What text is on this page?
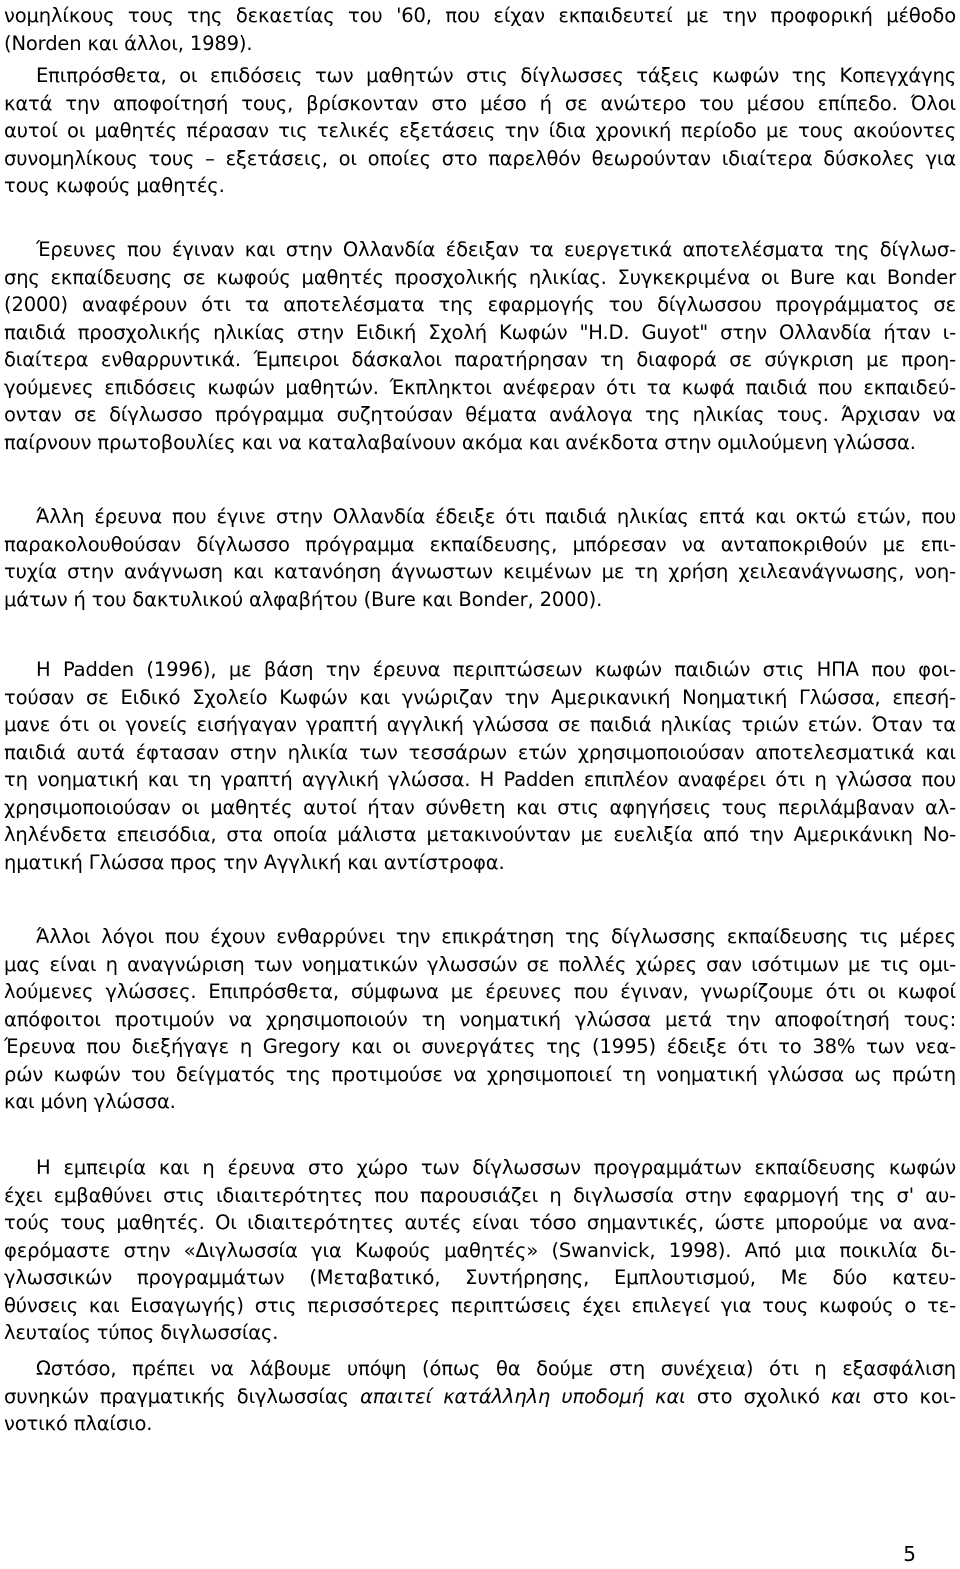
νομηλίκους τους της δεκαετίας του '60, που είχαν εκπαιδευτεί με την προφορική μέθοδο
(Norden και άλλοι, 1989).
Επιπρόσθετα, οι επιδόσεις των μαθητών στις δίγλωσσες τάξεις κωφών της Κοπεγχάγης
κατά την αποφοίτησή τους, βρίσκονταν στο μέσο ή σε ανώτερο του μέσου επίπεδο. Όλοι
αυτοί οι μαθητές πέρασαν τις τελικές εξετάσεις την ίδια χρονική περίοδο με τους ακούοντες
συνομηλίκους τους – εξετάσεις, οι οποίες στο παρελθόν θεωρούνταν ιδιαίτερα δύσκολες για
τους κωφούς μαθητές.
Έρευνες που έγιναν και στην Ολλανδία έδειξαν τα ευεργετικά αποτελέσματα της δίγλωσ-
σης εκπαίδευσης σε κωφούς μαθητές προσχολικής ηλικίας. Συγκεκριμένα οι Bure και Bonder
(2000) αναφέρουν ότι τα αποτελέσματα της εφαρμογής του δίγλωσσου προγράμματος σε
παιδιά προσχολικής ηλικίας στην Ειδική Σχολή Κωφών "H.D. Guyot" στην Ολλανδία ήταν ι-
διαίτερα ενθαρρυντικά. Έμπειροι δάσκαλοι παρατήρησαν τη διαφορά σε σύγκριση με προη-
γούμενες επιδόσεις κωφών μαθητών. Έκπληκτοι ανέφεραν ότι τα κωφά παιδιά που εκπαιδεύ-
ονταν σε δίγλωσσο πρόγραμμα συζητούσαν θέματα ανάλογα της ηλικίας τους. Άρχισαν να
παίρνουν πρωτοβουλίες και να καταλαβαίνουν ακόμα και ανέκδοτα στην ομιλούμενη γλώσσα.
Άλλη έρευνα που έγινε στην Ολλανδία έδειξε ότι παιδιά ηλικίας επτά και οκτώ ετών, που
παρακολουθούσαν δίγλωσσο πρόγραμμα εκπαίδευσης, μπόρεσαν να ανταποκριθούν με επι-
τυχία στην ανάγνωση και κατανόηση άγνωστων κειμένων με τη χρήση χειλεανάγνωσης, νοη-
μάτων ή του δακτυλικού αλφαβήτου (Bure και Bonder, 2000).
Η Padden (1996), με βάση την έρευνα περιπτώσεων κωφών παιδιών στις ΗΠΑ που φοι-
τούσαν σε Ειδικό Σχολείο Κωφών και γνώριζαν την Αμερικανική Νοηματική Γλώσσα, επεσή-
μανε ότι οι γονείς εισήγαγαν γραπτή αγγλική γλώσσα σε παιδιά ηλικίας τριών ετών. Όταν τα
παιδιά αυτά έφτασαν στην ηλικία των τεσσάρων ετών χρησιμοποιούσαν αποτελεσματικά και
τη νοηματική και τη γραπτή αγγλική γλώσσα. Η Padden επιπλέον αναφέρει ότι η γλώσσα που
χρησιμοποιούσαν οι μαθητές αυτοί ήταν σύνθετη και στις αφηγήσεις τους περιλάμβαναν αλ-
ληλένδετα επεισόδια, στα οποία μάλιστα μετακινούνταν με ευελιξία από την Αμερικάνικη Νο-
ηματική Γλώσσα προς την Αγγλική και αντίστροφα.
Άλλοι λόγοι που έχουν ενθαρρύνει την επικράτηση της δίγλωσσης εκπαίδευσης τις μέρες
μας είναι η αναγνώριση των νοηματικών γλωσσών σε πολλές χώρες σαν ισότιμων με τις ομι-
λούμενες γλώσσες. Επιπρόσθετα, σύμφωνα με έρευνες που έγιναν, γνωρίζουμε ότι οι κωφοί
απόφοιτοι προτιμούν να χρησιμοποιούν τη νοηματική γλώσσα μετά την αποφοίτησή τους:
Έρευνα που διεξήγαγε η Gregory και οι συνεργάτες της (1995) έδειξε ότι το 38% των νεα-
ρών κωφών του δείγματός της προτιμούσε να χρησιμοποιεί τη νοηματική γλώσσα ως πρώτη
και μόνη γλώσσα.
Η εμπειρία και η έρευνα στο χώρο των δίγλωσσων προγραμμάτων εκπαίδευσης κωφών
έχει εμβαθύνει στις ιδιαιτερότητες που παρουσιάζει η διγλωσσία στην εφαρμογή της σ' αυ-
τούς τους μαθητές. Οι ιδιαιτερότητες αυτές είναι τόσο σημαντικές, ώστε μπορούμε να ανα-
φερόμαστε στην «Διγλωσσία για Κωφούς μαθητές» (Swanvick, 1998). Από μια ποικιλία δι-
γλωσσικών προγραμμάτων (Μεταβατικό, Συντήρησης, Εμπλουτισμού, Με δύο κατευ-
θύνσεις και Εισαγωγής) στις περισσότερες περιπτώσεις έχει επιλεγεί για τους κωφούς ο τε-
λευταίος τύπος διγλωσσίας.
Ωστόσο, πρέπει να λάβουμε υπόψη (όπως θα δούμε στη συνέχεια) ότι η εξασφάλιση
συνηκών πραγματικής διγλωσσίας απαιτεί κατάλληλη υποδομή και στο σχολικό και στο κοι-
νοτικό πλαίσιο.
5
